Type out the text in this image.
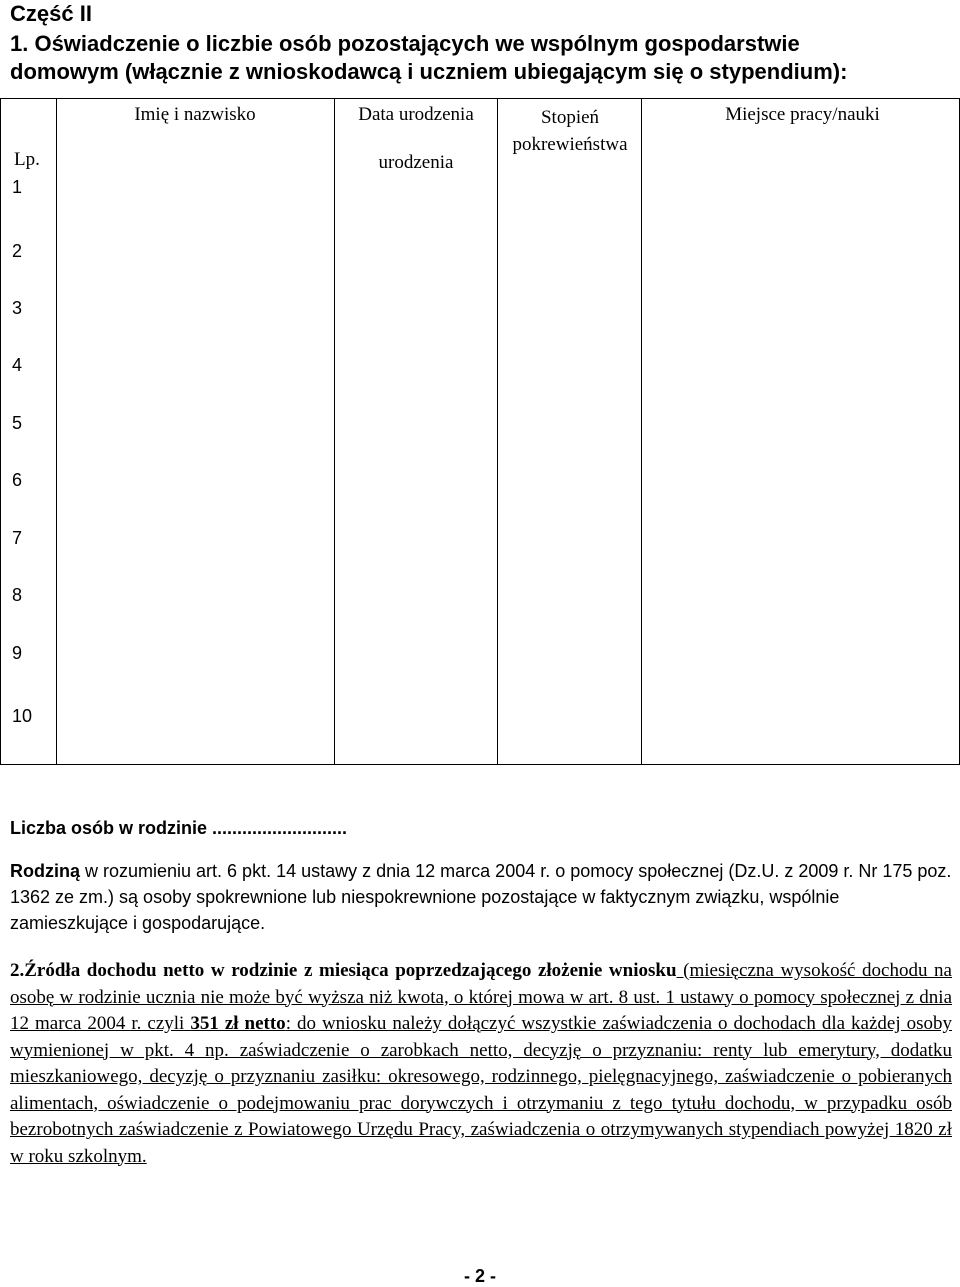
Część II
1. Oświadczenie o liczbie osób pozostających we wspólnym gospodarstwie
domowym (włącznie z wnioskodawcą i uczniem ubiegającym się o stypendium):
Imię i nazwisko	Data urodzenia
urodzenia
Stopień pokrewieństwa
Miejsce pracy/nauki
Lp.
1
2
3
4
5
6
7
8
9
10
Liczba osób w rodzinie ...........................
Rodziną w rozumieniu art. 6 pkt. 14 ustawy z dnia 12 marca 2004 r. o pomocy społecznej (Dz.U. z 2009 r. Nr 175 poz. 1362 ze zm.) są osoby spokrewnione lub niespokrewnione pozostające w faktycznym związku, wspólnie zamieszkujące i gospodarujące.
2.Źródła dochodu netto w rodzinie z miesiąca poprzedzającego złożenie wniosku (miesięczna wysokość dochodu na osobę w rodzinie ucznia nie może być wyższa niż kwota, o której mowa w art. 8 ust. 1 ustawy o pomocy społecznej z dnia 12 marca 2004 r. czyli 351 zł netto: do wniosku należy dołączyć wszystkie zaświadczenia o dochodach dla każdej osoby wymienionej w pkt. 4 np. zaświadczenie o zarobkach netto, decyzję o przyznaniu: renty lub emerytury, dodatku mieszkaniowego, decyzję o przyznaniu zasiłku: okresowego, rodzinnego, pielęgnacyjnego, zaświadczenie o pobieranych alimentach, oświadczenie o podejmowaniu prac dorywczych i otrzymaniu z tego tytułu dochodu, w przypadku osób bezrobotnych zaświadczenie z Powiatowego Urzędu Pracy, zaświadczenia o otrzymywanych stypendiach powyżej 1820 zł w roku szkolnym.
- 2 -
